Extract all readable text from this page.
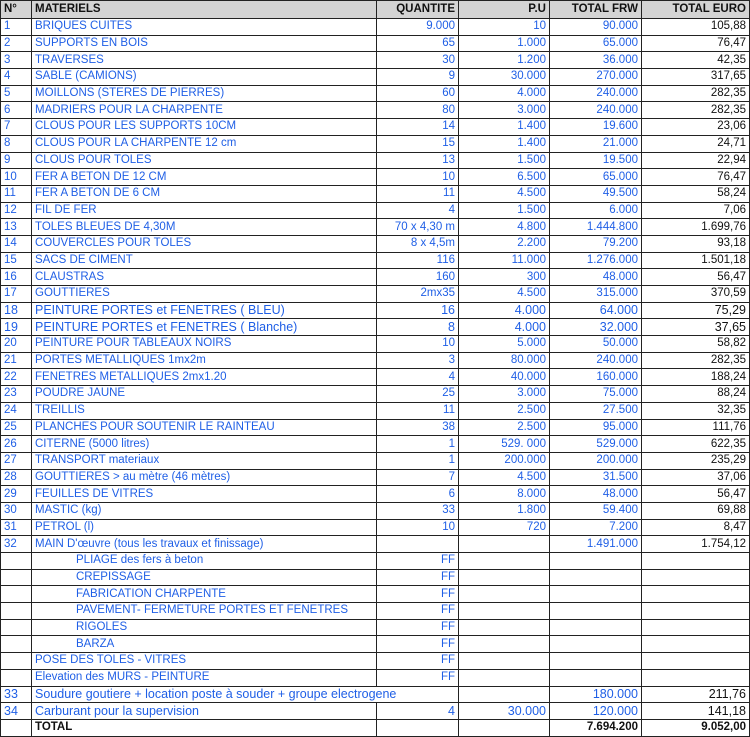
N°	MATERIELS	QUANTITE	P.U	TOTAL FRW	TOTAL EURO
1	BRIQUES CUITES	9.000	10	90.000	105,88
2	SUPPORTS EN BOIS	65	1.000	65.000	76,47
3	TRAVERSES	30	1.200	36.000	42,35
4	SABLE (CAMIONS)	9	30.000	270.000	317,65
5	MOILLONS (STERES DE PIERRES)	60	4.000	240.000	282,35
6	MADRIERS POUR LA CHARPENTE	80	3.000	240.000	282,35
7	CLOUS POUR LES SUPPORTS 10CM	14	1.400	19.600	23,06
8	CLOUS POUR LA CHARPENTE 12 cm	15	1.400	21.000	24,71
9	CLOUS POUR TOLES	13	1.500	19.500	22,94
10	FER A BETON DE 12 CM	10	6.500	65.000	76,47
11	FER A BETON DE 6 CM	11	4.500	49.500	58,24
12	FIL DE FER	4	1.500	6.000	7,06
13	TOLES BLEUES DE 4,30M	70 x 4,30 m	4.800	1.444.800	1.699,76
14	COUVERCLES POUR TOLES	8 x 4,5m	2.200	79.200	93,18
15	SACS DE CIMENT	116	11.000	1.276.000	1.501,18
16	CLAUSTRAS	160	300	48.000	56,47
17	GOUTTIERES	2mx35	4.500	315.000	370,59
18	PEINTURE PORTES et FENETRES ( BLEU)	16	4.000	64.000	75,29
19	PEINTURE PORTES et FENETRES ( Blanche)	8	4.000	32.000	37,65
20	PEINTURE POUR TABLEAUX NOIRS	10	5.000	50.000	58,82
21	PORTES METALLIQUES 1mx2m	3	80.000	240.000	282,35
22	FENETRES METALLIQUES 2mx1.20	4	40.000	160.000	188,24
23	POUDRE JAUNE	25	3.000	75.000	88,24
24	TREILLIS	11	2.500	27.500	32,35
25	PLANCHES POUR SOUTENIR LE RAINTEAU	38	2.500	95.000	111,76
26	CITERNE (5000 litres)	1	529. 000	529.000	622,35
27	TRANSPORT materiaux	1	200.000	200.000	235,29
28	GOUTTIERES > au mètre (46 mètres)	7	4.500	31.500	37,06
29	FEUILLES DE VITRES	6	8.000	48.000	56,47
30	MASTIC (kg)	33	1.800	59.400	69,88
31	PETROL (l)	10	720	7.200	8,47
32	MAIN D'œuvre (tous les travaux et finissage)			1.491.000	1.754,12
	PLIAGE des fers à beton	FF			
	CREPISSAGE	FF			
	FABRICATION CHARPENTE	FF			
	PAVEMENT- FERMETURE PORTES ET FENETRES	FF			
	RIGOLES	FF			
	BARZA	FF			
	POSE DES TOLES - VITRES	FF			
	Elevation des MURS - PEINTURE	FF			
33	Soudure goutiere + location poste à souder + groupe electrogene			180.000	211,76
34	Carburant pour la supervision	4	30.000	120.000	141,18
	TOTAL			7.694.200	9.052,00
